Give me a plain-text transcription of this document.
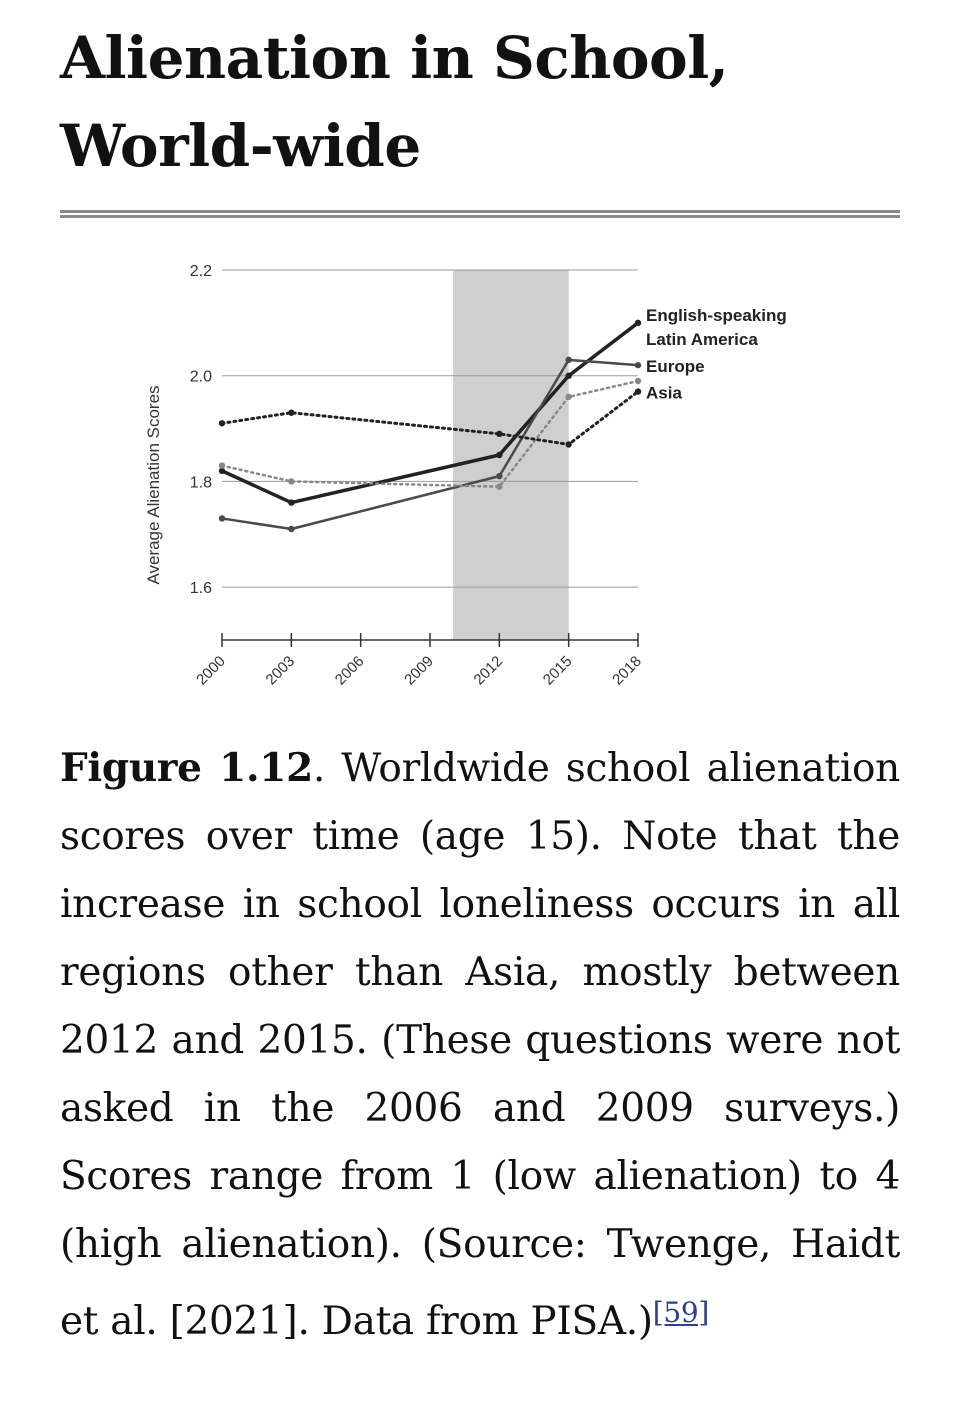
Alienation in School, World-wide
1.6
1.8
2.0
2.2
2000 2003 2006 2009 2012 2015 2018
Average Alienation Scores
English-speaking
Latin America
Europe
Asia

Figure 1.12. Worldwide school alienation scores over time (age 15). Note that the increase in school loneliness occurs in all regions other than Asia, mostly between 2012 and 2015. (These questions were not asked in the 2006 and 2009 surveys.) Scores range from 1 (low alienation) to 4 (high alienation). (Source: Twenge, Haidt et al. [2021]. Data from PISA.)[59]
